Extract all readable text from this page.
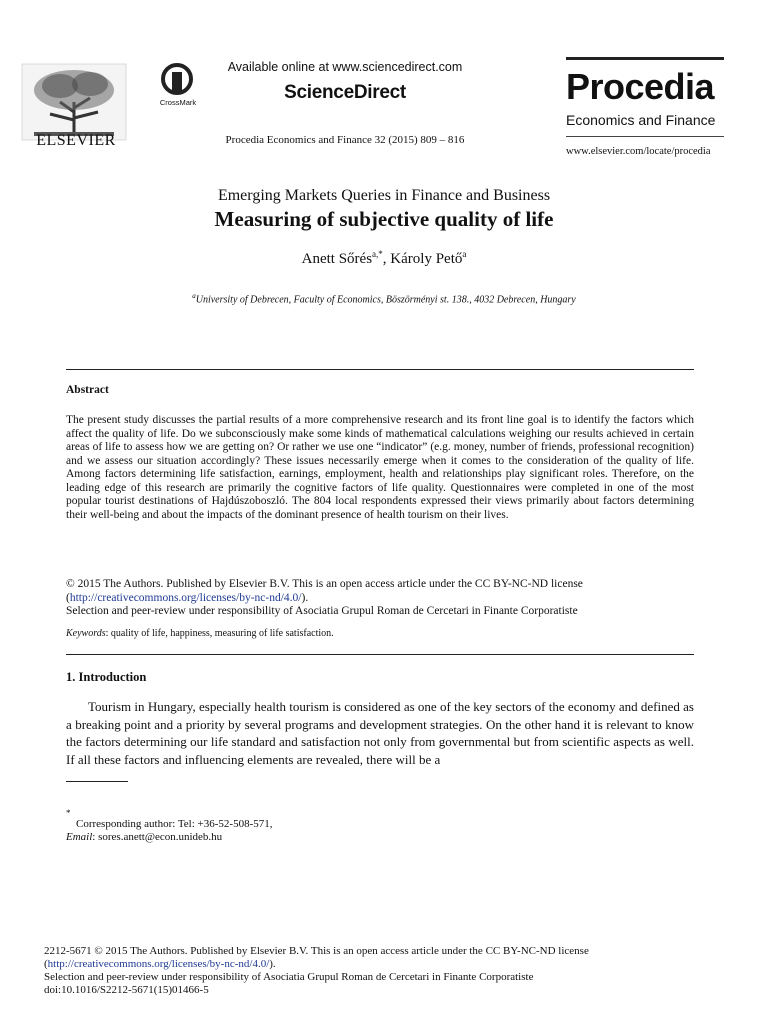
ELSEVIER
CrossMark
Available online at www.sciencedirect.com
ScienceDirect
Procedia Economics and Finance 32 (2015) 809 – 816
Procedia
Economics and Finance
www.elsevier.com/locate/procedia
Emerging Markets Queries in Finance and Business
Measuring of subjective quality of life
Anett Sőrés$^{a,*}$, Károly Pető$^a$
$^a$University of Debrecen, Faculty of Economics, Böszörményi st. 138., 4032 Debrecen, Hungary
Abstract
The present study discusses the partial results of a more comprehensive research and its front line goal is to identify the factors which affect the quality of life. Do we subconsciously make some kinds of mathematical calculations weighing our results achieved in certain areas of life to assess how we are getting on? Or rather we use one “indicator” (e.g. money, number of friends, professional recognition) and we assess our situation accordingly? These issues necessarily emerge when it comes to the consideration of the quality of life. Among factors determining life satisfaction, earnings, employment, health and relationships play significant roles. Therefore, on the leading edge of this research are primarily the cognitive factors of life quality. Questionnaires were completed in one of the most popular tourist destinations of Hajdúszoboszló. The 804 local respondents expressed their views primarily about factors determining their well-being and about the impacts of the dominant presence of health tourism on their lives.
© 2015 The Authors. Published by Elsevier B.V. This is an open access article under the CC BY-NC-ND license
(http://creativecommons.org/licenses/by-nc-nd/4.0/).
Selection and peer-review under responsibility of Asociatia Grupul Roman de Cercetari in Finante Corporatiste
Keywords: quality of life, happiness, measuring of life satisfaction.
1. Introduction
Tourism in Hungary, especially health tourism is considered as one of the key sectors of the economy and defined as a breaking point and a priority by several programs and development strategies. On the other hand it is relevant to know the factors determining our life standard and satisfaction not only from governmental but from scientific aspects as well. If all these factors and influencing elements are revealed, there will be a
*
Corresponding author: Tel: +36-52-508-571,
Email: sores.anett@econ.unideb.hu
2212-5671 © 2015 The Authors. Published by Elsevier B.V. This is an open access article under the CC BY-NC-ND license
(http://creativecommons.org/licenses/by-nc-nd/4.0/).
Selection and peer-review under responsibility of Asociatia Grupul Roman de Cercetari in Finante Corporatiste
doi:10.1016/S2212-5671(15)01466-5
